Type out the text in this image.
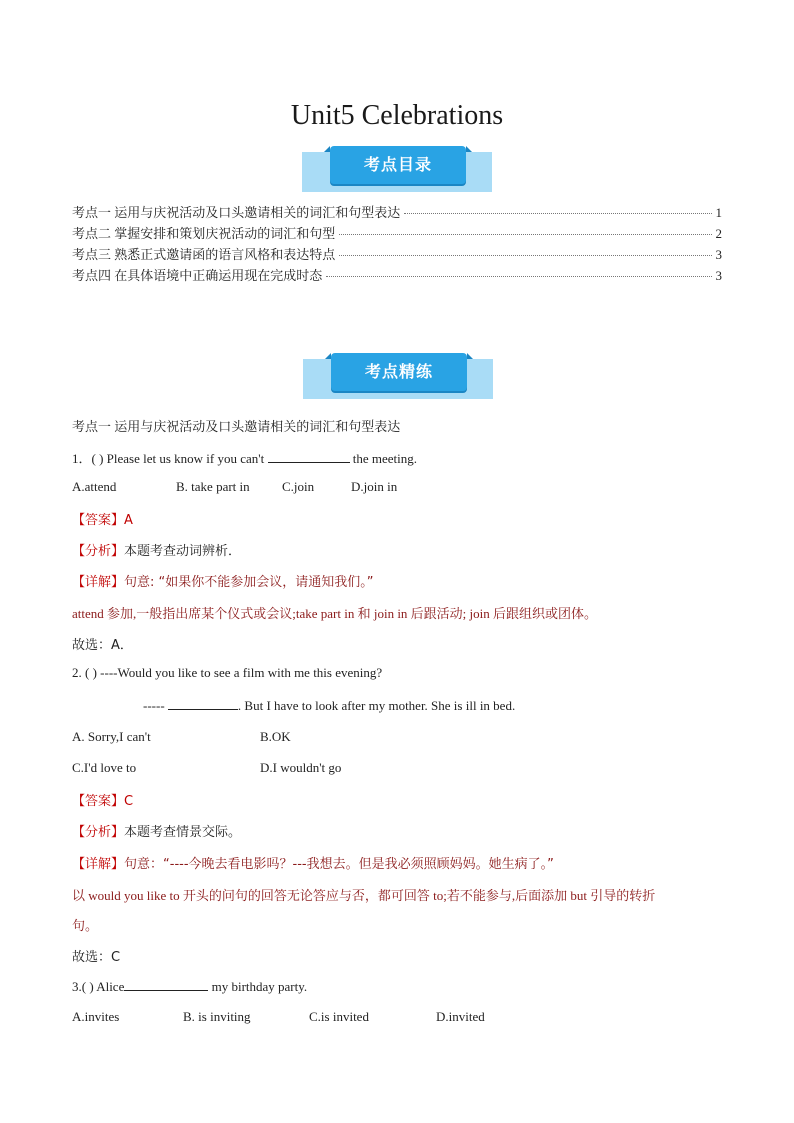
Unit5 Celebrations
考点目录
考点一 运用与庆祝活动及口头邀请相关的词汇和句型表达	1
考点二 掌握安排和策划庆祝活动的词汇和句型	2
考点三 熟悉正式邀请函的语言风格和表达特点	3
考点四 在具体语境中正确运用现在完成时态	3
考点精练
考点一 运用与庆祝活动及口头邀请相关的词汇和句型表达
1．( ) Please let us know if you can't	the meeting.
A.attend	B. take part in C.join	D.join in
【答案】A
【分析】本题考查动词辨析．
【详解】句意: “如果你不能参加会议，请通知我们。”
attend 参加,一般指出席某个仪式或会议;take part in 和 join in 后跟活动; join 后跟组织或团体。
故选：A．
2. ( ) ----Would you like to see a film with me this evening?
-----	. But I have to look after my mother. She is ill in bed.
A. Sorry,I can't	B.OK
C.I'd love to	D.I wouldn't go
【答案】C
【分析】本题考查情景交际。
【详解】句意：“----今晚去看电影吗？---我想去。但是我必须照顾妈妈。她生病了。”
以 would you like to 开头的问句的回答无论答应与否，都可回答 to;若不能参与,后面添加 but 引导的转折
句。
故选：C
3.( ) Alice	my birthday party.
A.invites	B. is inviting	C.is invited	D.invited
